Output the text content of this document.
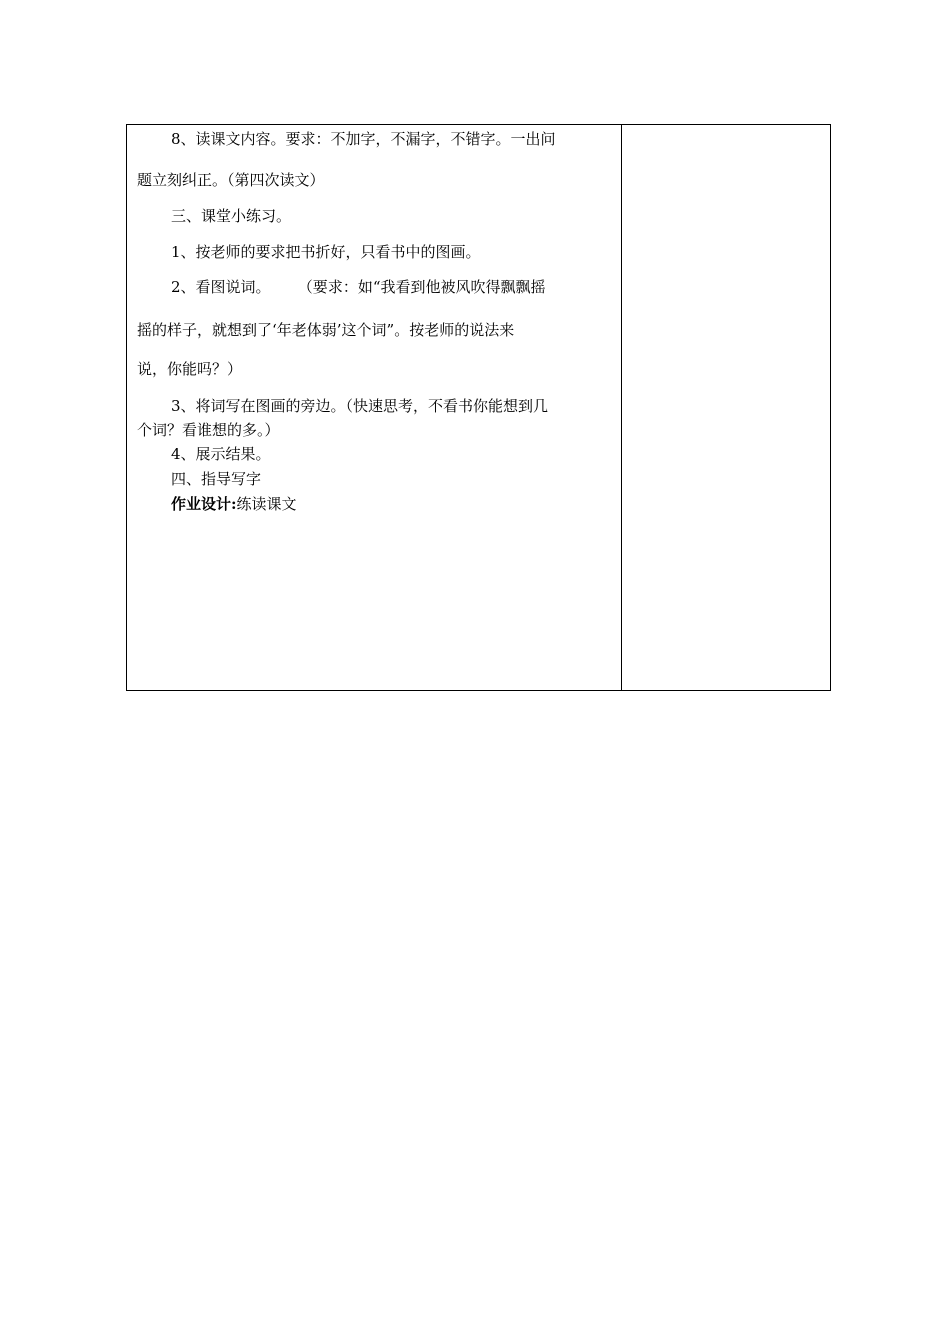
8、读课文内容。要求：不加字，不漏字，不错字。一出问
题立刻纠正。（第四次读文）
三、课堂小练习。
1、按老师的要求把书折好，只看书中的图画。
2、看图说词。　　 （要求：如“我看到他被风吹得飘飘摇
摇的样子，就想到了‘年老体弱’这个词”。按老师的说法来
说，你能吗？）
3、将词写在图画的旁边。（快速思考，不看书你能想到几
个词？看谁想的多。）
4、展示结果。
四、指导写字
作业设计:练读课文
